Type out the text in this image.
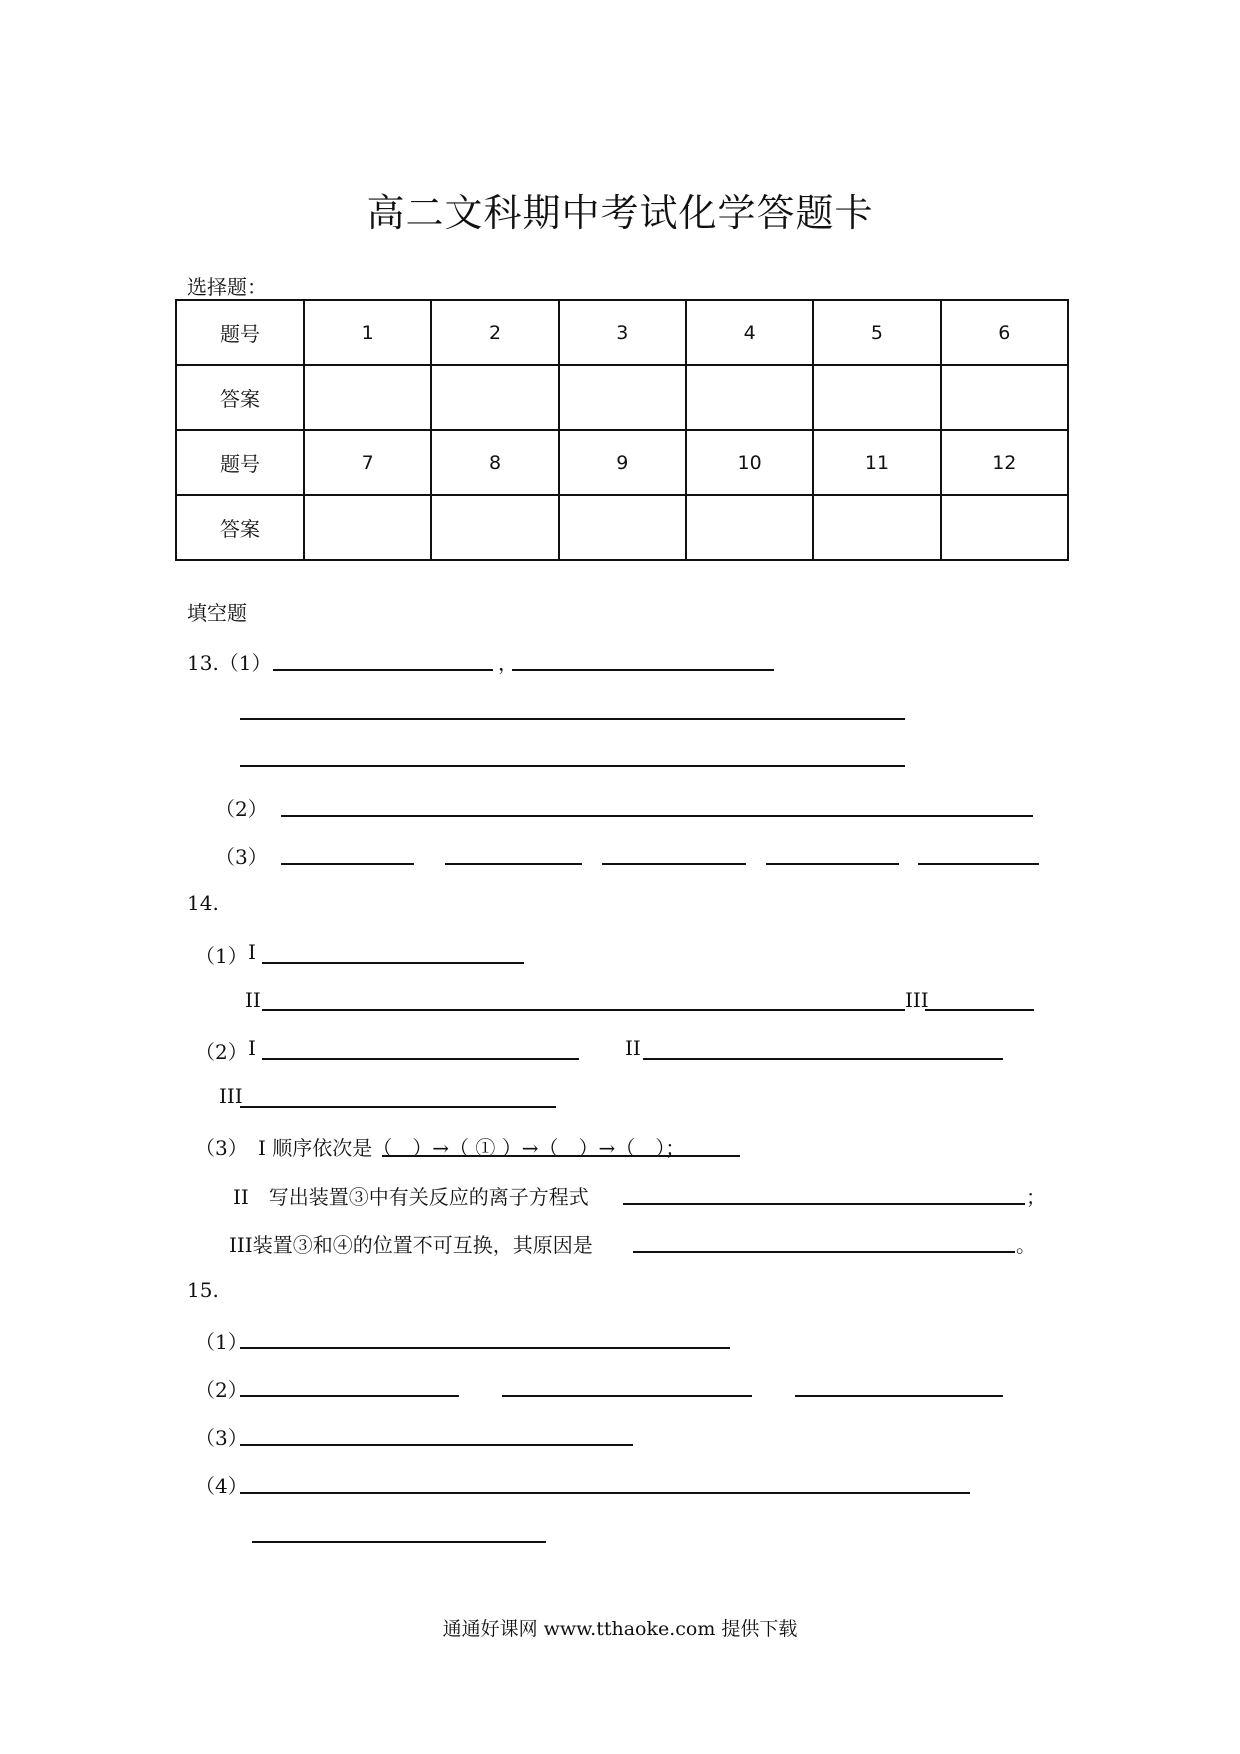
高二文科期中考试化学答题卡
选择题：
题号	1	2	3	4	5	6
答案						
题号	7	8	9	10	11	12
答案						
填空题
13.（1）	，
（2）
（3）
14.
（1） I
II	III
（2） I	II
III
（3） I 顺序依次是（　）→（ ① ）→（　）→（　）；
II　写出装置③中有关反应的离子方程式	；
III装置③和④的位置不可互换，其原因是	。
15.
（1）
（2）
（3）
（4）
通通好课网 www.tthaoke.com 提供下载
